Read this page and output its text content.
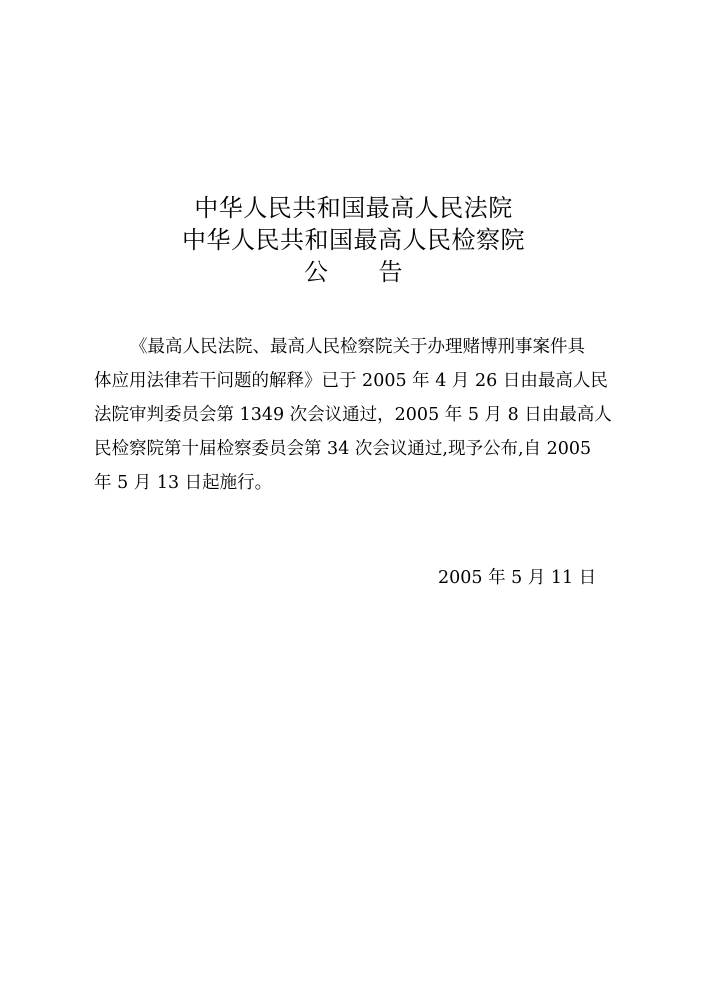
中华人民共和国最高人民法院
中华人民共和国最高人民检察院
公 告
《最高人民法院、最高人民检察院关于办理赌博刑事案件具
体应用法律若干问题的解释》已于 2005 年 4 月 26 日由最高人民
法院审判委员会第 1349 次会议通过，2005 年 5 月 8 日由最高人
民检察院第十届检察委员会第 34 次会议通过,现予公布,自 2005
年 5 月 13 日起施行。
2005 年 5 月 11 日
